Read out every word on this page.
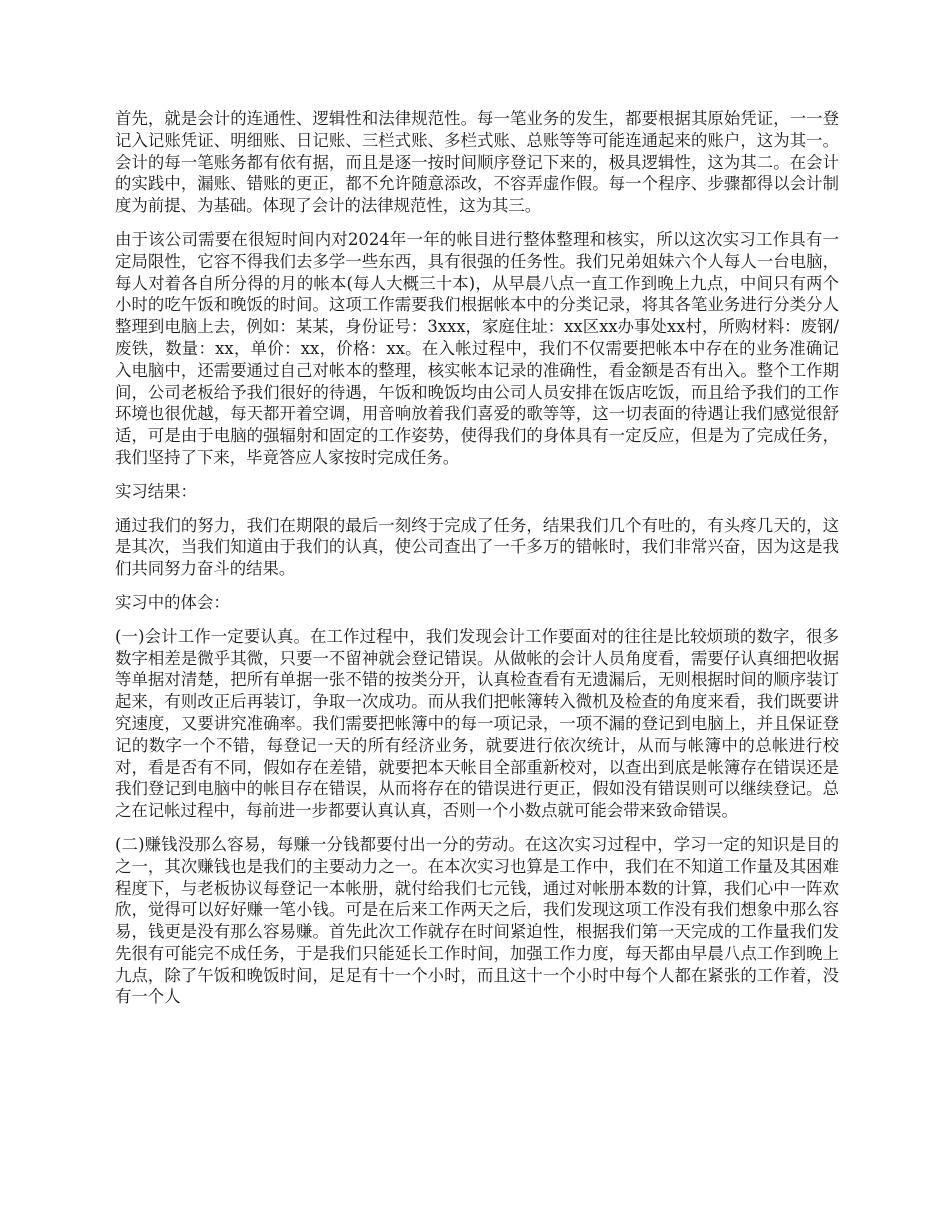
首先，就是会计的连通性、逻辑性和法律规范性。每一笔业务的发生，都要根据其原始凭证，一一登记入记账凭证、明细账、日记账、三栏式账、多栏式账、总账等等可能连通起来的账户，这为其一。会计的每一笔账务都有依有据，而且是逐一按时间顺序登记下来的，极具逻辑性，这为其二。在会计的实践中，漏账、错账的更正，都不允许随意添改，不容弄虚作假。每一个程序、步骤都得以会计制度为前提、为基础。体现了会计的法律规范性，这为其三。

由于该公司需要在很短时间内对2024年一年的帐目进行整体整理和核实，所以这次实习工作具有一定局限性，它容不得我们去多学一些东西，具有很强的任务性。我们兄弟姐妹六个人每人一台电脑，每人对着各自所分得的月的帐本(每人大概三十本)，从早晨八点一直工作到晚上九点，中间只有两个小时的吃午饭和晚饭的时间。这项工作需要我们根据帐本中的分类记录，将其各笔业务进行分类分人整理到电脑上去，例如：某某，身份证号：3xxx，家庭住址：xx区xx办事处xx村，所购材料：废钢/废铁，数量：xx，单价：xx，价格：xx。在入帐过程中，我们不仅需要把帐本中存在的业务准确记入电脑中，还需要通过自己对帐本的整理，核实帐本记录的准确性，看金额是否有出入。整个工作期间，公司老板给予我们很好的待遇，午饭和晚饭均由公司人员安排在饭店吃饭，而且给予我们的工作环境也很优越，每天都开着空调，用音响放着我们喜爱的歌等等，这一切表面的待遇让我们感觉很舒适，可是由于电脑的强辐射和固定的工作姿势，使得我们的身体具有一定反应，但是为了完成任务，我们坚持了下来，毕竟答应人家按时完成任务。

实习结果：

通过我们的努力，我们在期限的最后一刻终于完成了任务，结果我们几个有吐的，有头疼几天的，这是其次，当我们知道由于我们的认真，使公司查出了一千多万的错帐时，我们非常兴奋，因为这是我们共同努力奋斗的结果。

实习中的体会：

(一)会计工作一定要认真。在工作过程中，我们发现会计工作要面对的往往是比较烦琐的数字，很多数字相差是微乎其微，只要一不留神就会登记错误。从做帐的会计人员角度看，需要仔认真细把收据等单据对清楚，把所有单据一张不错的按类分开，认真检查看有无遗漏后，无则根据时间的顺序装订起来，有则改正后再装订，争取一次成功。而从我们把帐簿转入微机及检查的角度来看，我们既要讲究速度，又要讲究准确率。我们需要把帐簿中的每一项记录，一项不漏的登记到电脑上，并且保证登记的数字一个不错，每登记一天的所有经济业务，就要进行依次统计，从而与帐簿中的总帐进行校对，看是否有不同，假如存在差错，就要把本天帐目全部重新校对，以查出到底是帐簿存在错误还是我们登记到电脑中的帐目存在错误，从而将存在的错误进行更正，假如没有错误则可以继续登记。总之在记帐过程中，每前进一步都要认真认真，否则一个小数点就可能会带来致命错误。

(二)赚钱没那么容易，每赚一分钱都要付出一分的劳动。在这次实习过程中，学习一定的知识是目的之一，其次赚钱也是我们的主要动力之一。在本次实习也算是工作中，我们在不知道工作量及其困难程度下，与老板协议每登记一本帐册，就付给我们七元钱，通过对帐册本数的计算，我们心中一阵欢欣，觉得可以好好赚一笔小钱。可是在后来工作两天之后，我们发现这项工作没有我们想象中那么容易，钱更是没有那么容易赚。首先此次工作就存在时间紧迫性，根据我们第一天完成的工作量我们发先很有可能完不成任务，于是我们只能延长工作时间，加强工作力度，每天都由早晨八点工作到晚上九点，除了午饭和晚饭时间，足足有十一个小时，而且这十一个小时中每个人都在紧张的工作着，没有一个人
